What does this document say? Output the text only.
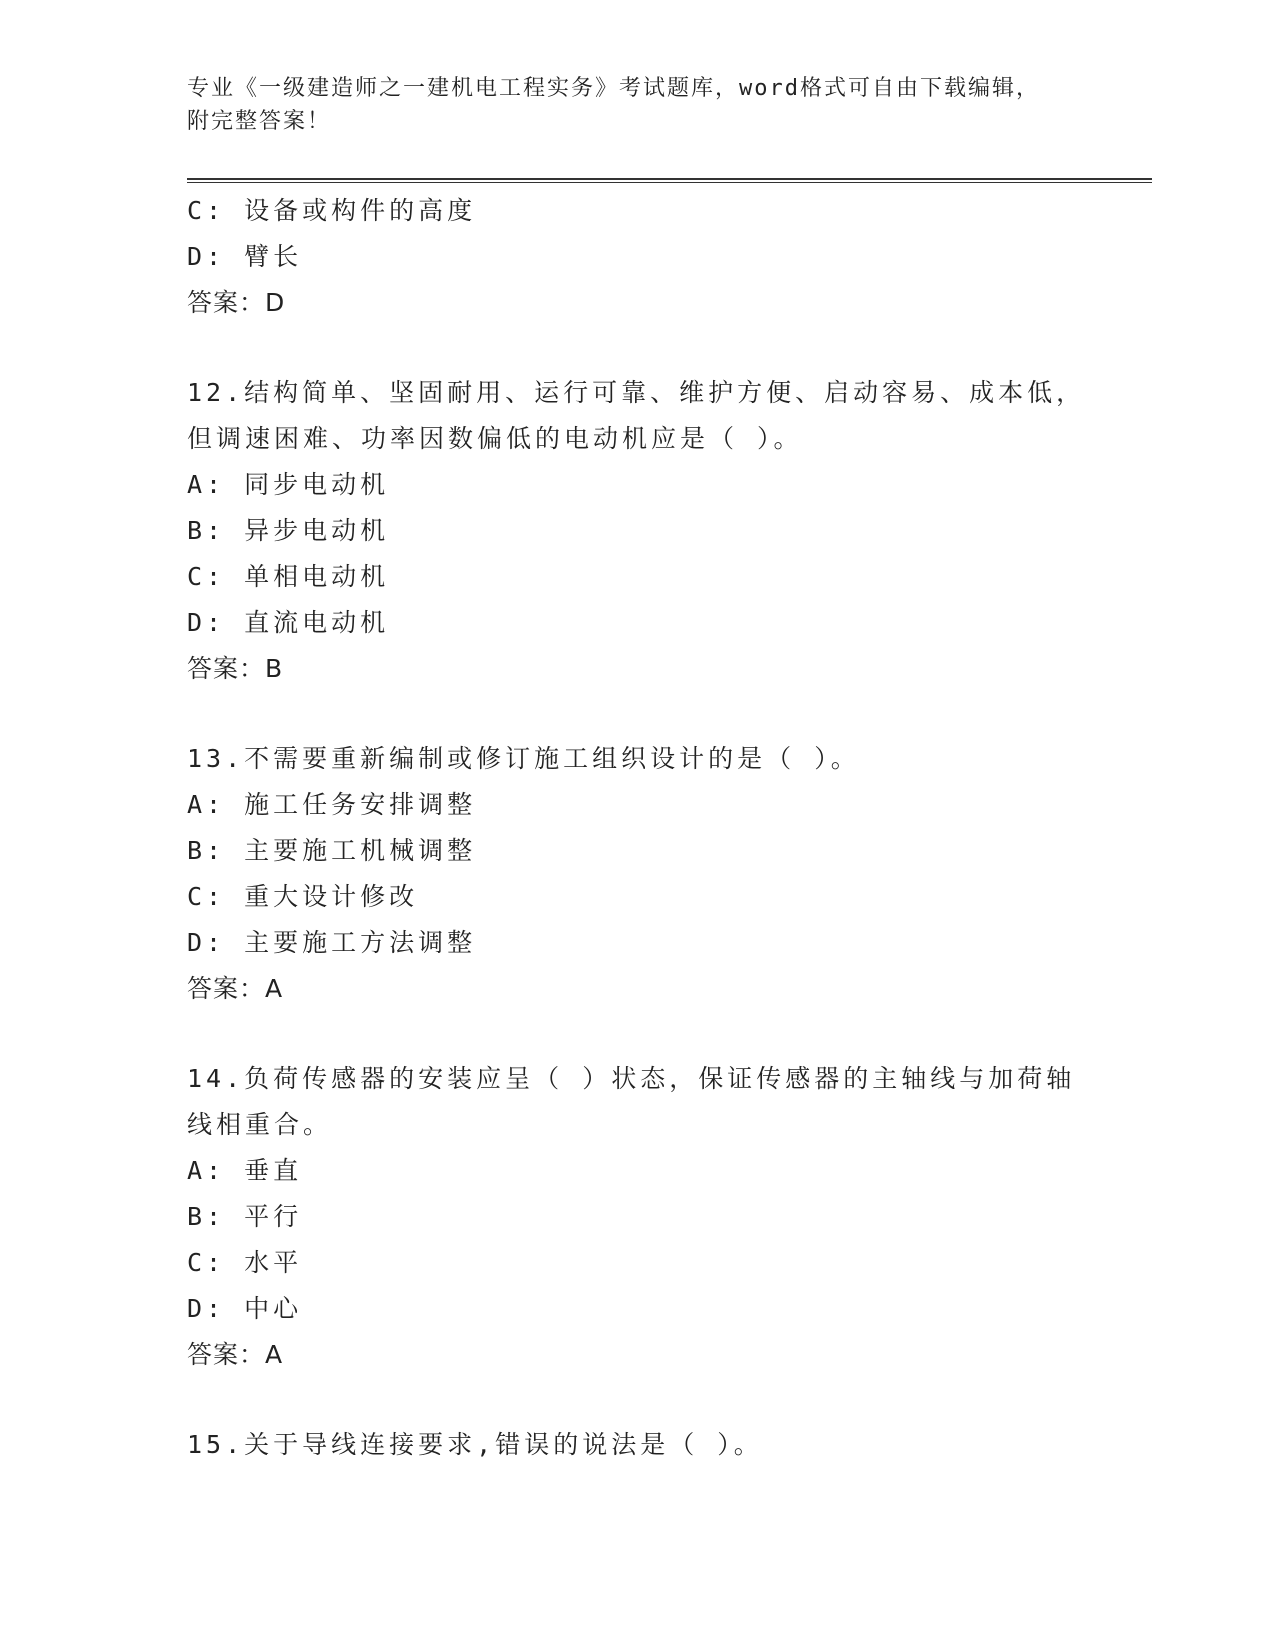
专业《一级建造师之一建机电工程实务》考试题库，word格式可自由下载编辑，
附完整答案！
C: 设备或构件的高度
D: 臂长
答案：D
12.结构简单、坚固耐用、运行可靠、维护方便、启动容易、成本低，
但调速困难、功率因数偏低的电动机应是（ ）。
A: 同步电动机
B: 异步电动机
C: 单相电动机
D: 直流电动机
答案：B
13.不需要重新编制或修订施工组织设计的是（ ）。
A: 施工任务安排调整
B: 主要施工机械调整
C: 重大设计修改
D: 主要施工方法调整
答案：A
14.负荷传感器的安装应呈（ ）状态，保证传感器的主轴线与加荷轴
线相重合。
A: 垂直
B: 平行
C: 水平
D: 中心
答案：A
15.关于导线连接要求,错误的说法是（ ）。
